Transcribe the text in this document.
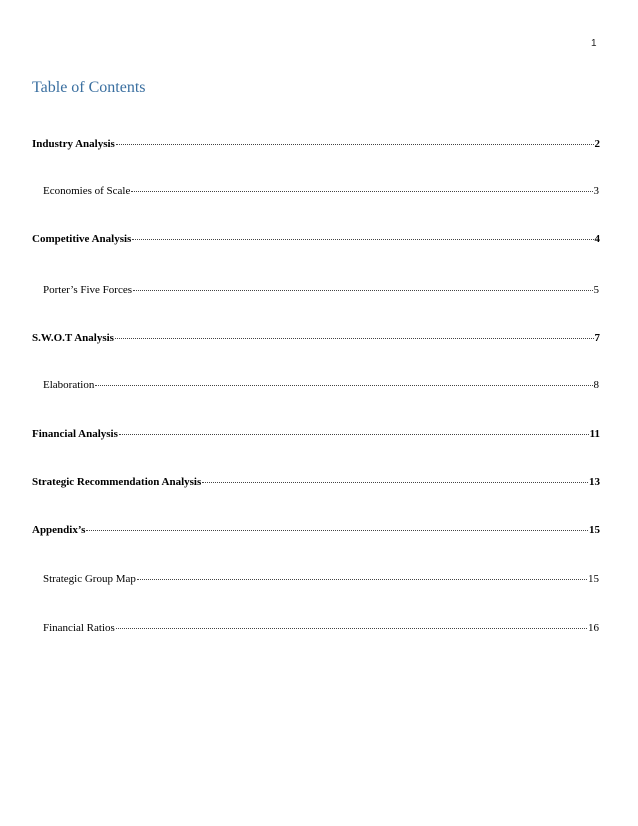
1
Table of Contents
Industry Analysis	2
Economies of Scale	3
Competitive Analysis	4
Porter’s Five Forces	5
S.W.O.T Analysis	7
Elaboration	8
Financial Analysis	11
Strategic Recommendation Analysis	13
Appendix’s	15
Strategic Group Map	15
Financial Ratios	16
